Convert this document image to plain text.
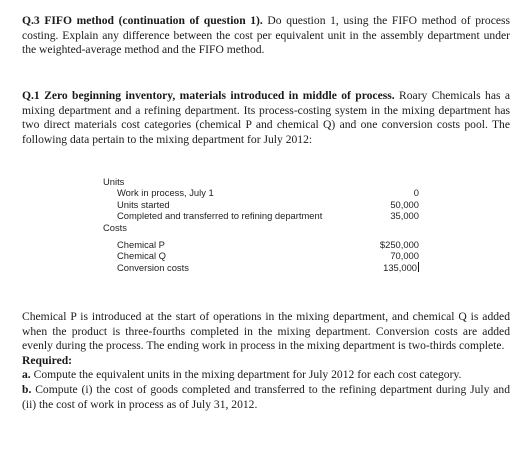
Q.3 FIFO method (continuation of question 1). Do question 1, using the FIFO method of process costing. Explain any difference between the cost per equivalent unit in the assembly department under the weighted-average method and the FIFO method.

Q.1 Zero beginning inventory, materials introduced in middle of process. Roary Chemicals has a mixing department and a refining department. Its process-costing system in the mixing department has two direct materials cost categories (chemical P and chemical Q) and one conversion costs pool. The following data pertain to the mixing department for July 2012:

Units
Work in process, July 1	0
Units started	50,000
Completed and transferred to refining department	35,000
Costs
Chemical P	$250,000
Chemical Q	70,000
Conversion costs	135,000
Chemical P is introduced at the start of operations in the mixing department, and chemical Q is added when the product is three-fourths completed in the mixing department. Conversion costs are added evenly during the process. The ending work in process in the mixing department is two-thirds complete.
Required:
a. Compute the equivalent units in the mixing department for July 2012 for each cost category.
b. Compute (i) the cost of goods completed and transferred to the refining department during July and (ii) the cost of work in process as of July 31, 2012.
